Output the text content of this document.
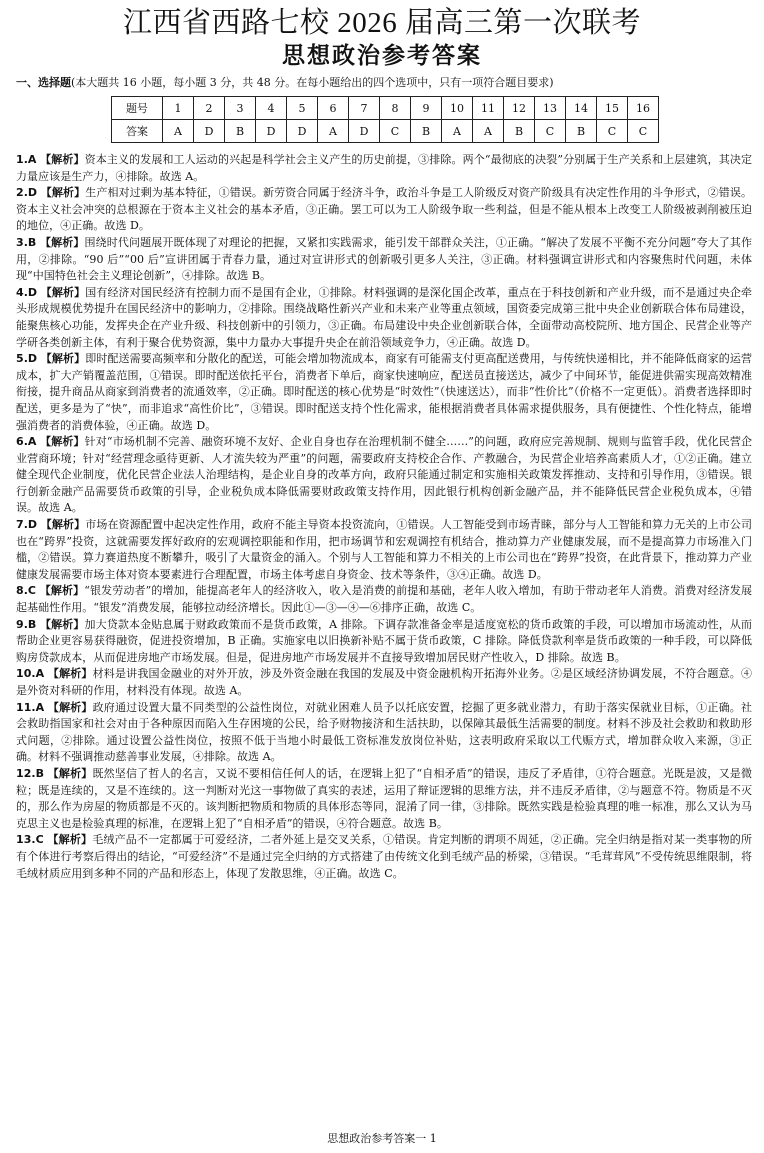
江西省西路七校 2026 届高三第一次联考
思想政治参考答案
一、选择题(本大题共 16 小题，每小题 3 分，共 48 分。在每小题给出的四个选项中，只有一项符合题目要求)
题号	1	2	3	4	5	6	7	8	9	10	11	12	13	14	15	16
答案	A	D	B	D	D	A	D	C	B	A	A	B	C	B	C	C

1.A 【解析】资本主义的发展和工人运动的兴起是科学社会主义产生的历史前提，③排除。两个“最彻底的决裂”分别属于生产关系和上层建筑，其决定力量应该是生产力，④排除。故选 A。

2.D 【解析】生产相对过剩为基本特征，①错误。新劳资合同属于经济斗争，政治斗争是工人阶级反对资产阶级具有决定性作用的斗争形式，②错误。资本主义社会冲突的总根源在于资本主义社会的基本矛盾，③正确。罢工可以为工人阶级争取一些利益，但是不能从根本上改变工人阶级被剥削被压迫的地位，④正确。故选 D。

3.B 【解析】围绕时代问题展开既体现了对理论的把握，又紧扣实践需求，能引发干部群众关注，①正确。“解决了发展不平衡不充分问题”夸大了其作用，②排除。“90 后”“00 后”宣讲团属于青春力量，通过对宣讲形式的创新吸引更多人关注，③正确。材料强调宣讲形式和内容聚焦时代问题，未体现“中国特色社会主义理论创新”，④排除。故选 B。

4.D 【解析】国有经济对国民经济有控制力而不是国有企业，①排除。材料强调的是深化国企改革，重点在于科技创新和产业升级，而不是通过央企牵头形成规模优势提升在国民经济中的影响力，②排除。围绕战略性新兴产业和未来产业等重点领域，国资委完成第三批中央企业创新联合体布局建设，能聚焦核心功能，发挥央企在产业升级、科技创新中的引领力，③正确。布局建设中央企业创新联合体，全面带动高校院所、地方国企、民营企业等产学研各类创新主体，有利于聚合优势资源，集中力量办大事提升央企在前沿领域竞争力，④正确。故选 D。

5.D 【解析】即时配送需要高频率和分散化的配送，可能会增加物流成本，商家有可能需支付更高配送费用，与传统快递相比，并不能降低商家的运营成本，扩大产销覆盖范围，①错误。即时配送依托平台，消费者下单后，商家快速响应，配送员直接送达，减少了中间环节，能促进供需实现高效精准衔接，提升商品从商家到消费者的流通效率，②正确。即时配送的核心优势是“时效性”（快速送达），而非“性价比”（价格不一定更低）。消费者选择即时配送，更多是为了“快”，而非追求“高性价比”，③错误。即时配送支持个性化需求，能根据消费者具体需求提供服务，具有便捷性、个性化特点，能增强消费者的消费体验，④正确。故选 D。

6.A 【解析】针对“市场机制不完善、融资环境不友好、企业自身也存在治理机制不健全……”的问题，政府应完善规制、规则与监管手段，优化民营企业营商环境；针对“经营理念亟待更新、人才流失较为严重”的问题，需要政府支持校企合作、产教融合，为民营企业培养高素质人才，①②正确。建立健全现代企业制度，优化民营企业法人治理结构，是企业自身的改革方向，政府只能通过制定和实施相关政策发挥推动、支持和引导作用，③错误。银行创新金融产品需要货币政策的引导，企业税负成本降低需要财政政策支持作用，因此银行机构创新金融产品，并不能降低民营企业税负成本，④错误。故选 A。

7.D 【解析】市场在资源配置中起决定性作用，政府不能主导资本投资流向，①错误。人工智能受到市场青睐，部分与人工智能和算力无关的上市公司也在“跨界”投资，这就需要发挥好政府的宏观调控职能和作用，把市场调节和宏观调控有机结合，推动算力产业健康发展，而不是提高算力市场准入门槛，②错误。算力赛道热度不断攀升，吸引了大量资金的涌入。个别与人工智能和算力不相关的上市公司也在“跨界”投资，在此背景下，推动算力产业健康发展需要市场主体对资本要素进行合理配置，市场主体考虑自身资金、技术等条件，③④正确。故选 D。

8.C 【解析】“银发劳动者”的增加，能提高老年人的经济收入，收入是消费的前提和基础，老年人收入增加，有助于带动老年人消费。消费对经济发展起基础性作用。“银发”消费发展，能够拉动经济增长。因此①—③—④—⑥排序正确，故选 C。

9.B 【解析】加大贷款本金贴息属于财政政策而不是货币政策，A 排除。下调存款准备金率是适度宽松的货币政策的手段，可以增加市场流动性，从而帮助企业更容易获得融资，促进投资增加，B 正确。实施家电以旧换新补贴不属于货币政策，C 排除。降低贷款利率是货币政策的一种手段，可以降低购房贷款成本，从而促进房地产市场发展。但是，促进房地产市场发展并不直接导致增加居民财产性收入，D 排除。故选 B。

10.A 【解析】材料是讲我国金融业的对外开放，涉及外资金融在我国的发展及中资金融机构开拓海外业务。②是区域经济协调发展，不符合题意。④是外资对科研的作用，材料没有体现。故选 A。

11.A 【解析】政府通过设置大量不同类型的公益性岗位，对就业困难人员予以托底安置，挖掘了更多就业潜力，有助于落实保就业目标，①正确。社会救助指国家和社会对由于各种原因而陷入生存困境的公民，给予财物接济和生活扶助，以保障其最低生活需要的制度。材料不涉及社会救助和救助形式问题，②排除。通过设置公益性岗位，按照不低于当地小时最低工资标准发放岗位补贴，这表明政府采取以工代赈方式，增加群众收入来源，③正确。材料不强调推动慈善事业发展，④排除。故选 A。

12.B 【解析】既然坚信了哲人的名言，又说不要相信任何人的话，在逻辑上犯了“自相矛盾”的错误，违反了矛盾律，①符合题意。光既是波，又是微粒；既是连续的，又是不连续的。这一判断对光这一事物做了真实的表述，运用了辩证逻辑的思维方法，并不违反矛盾律，②与题意不符。物质是不灭的，那么作为房屋的物质都是不灭的。该判断把物质和物质的具体形态等同，混淆了同一律，③排除。既然实践是检验真理的唯一标准，那么又认为马克思主义也是检验真理的标准，在逻辑上犯了“自相矛盾”的错误，④符合题意。故选 B。

13.C 【解析】毛绒产品不一定都属于可爱经济，二者外延上是交叉关系，①错误。肯定判断的谓项不周延，②正确。完全归纳是指对某一类事物的所有个体进行考察后得出的结论，“可爱经济”不是通过完全归纳的方式搭建了由传统文化到毛绒产品的桥梁，③错误。“毛茸茸风”不受传统思维限制，将毛绒材质应用到多种不同的产品和形态上，体现了发散思维，④正确。故选 C。

思想政治参考答案一 1
